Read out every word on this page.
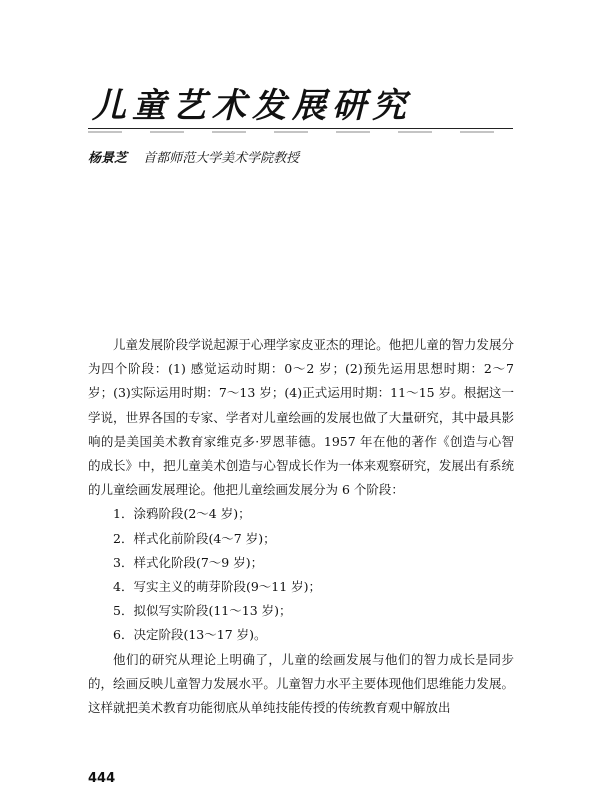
儿童艺术发展研究
杨景芝 首都师范大学美术学院教授

儿童发展阶段学说起源于心理学家皮亚杰的理论。他把儿童的智力发展分为四个阶段：(1) 感觉运动时期：0～2 岁；(2)预先运用思想时期：2～7 岁；(3)实际运用时期：7～13 岁；(4)正式运用时期：11～15 岁。根据这一学说，世界各国的专家、学者对儿童绘画的发展也做了大量研究，其中最具影响的是美国美术教育家维克多·罗恩菲德。1957 年在他的著作《创造与心智的成长》中，把儿童美术创造与心智成长作为一体来观察研究，发展出有系统的儿童绘画发展理论。他把儿童绘画发展分为 6 个阶段：

1．涂鸦阶段(2～4 岁)；
2．样式化前阶段(4～7 岁)；
3．样式化阶段(7～9 岁)；
4．写实主义的萌芽阶段(9～11 岁)；
5．拟似写实阶段(11～13 岁)；
6．决定阶段(13～17 岁)。

他们的研究从理论上明确了，儿童的绘画发展与他们的智力成长是同步的，绘画反映儿童智力发展水平。儿童智力水平主要体现他们思维能力发展。这样就把美术教育功能彻底从单纯技能传授的传统教育观中解放出

444
